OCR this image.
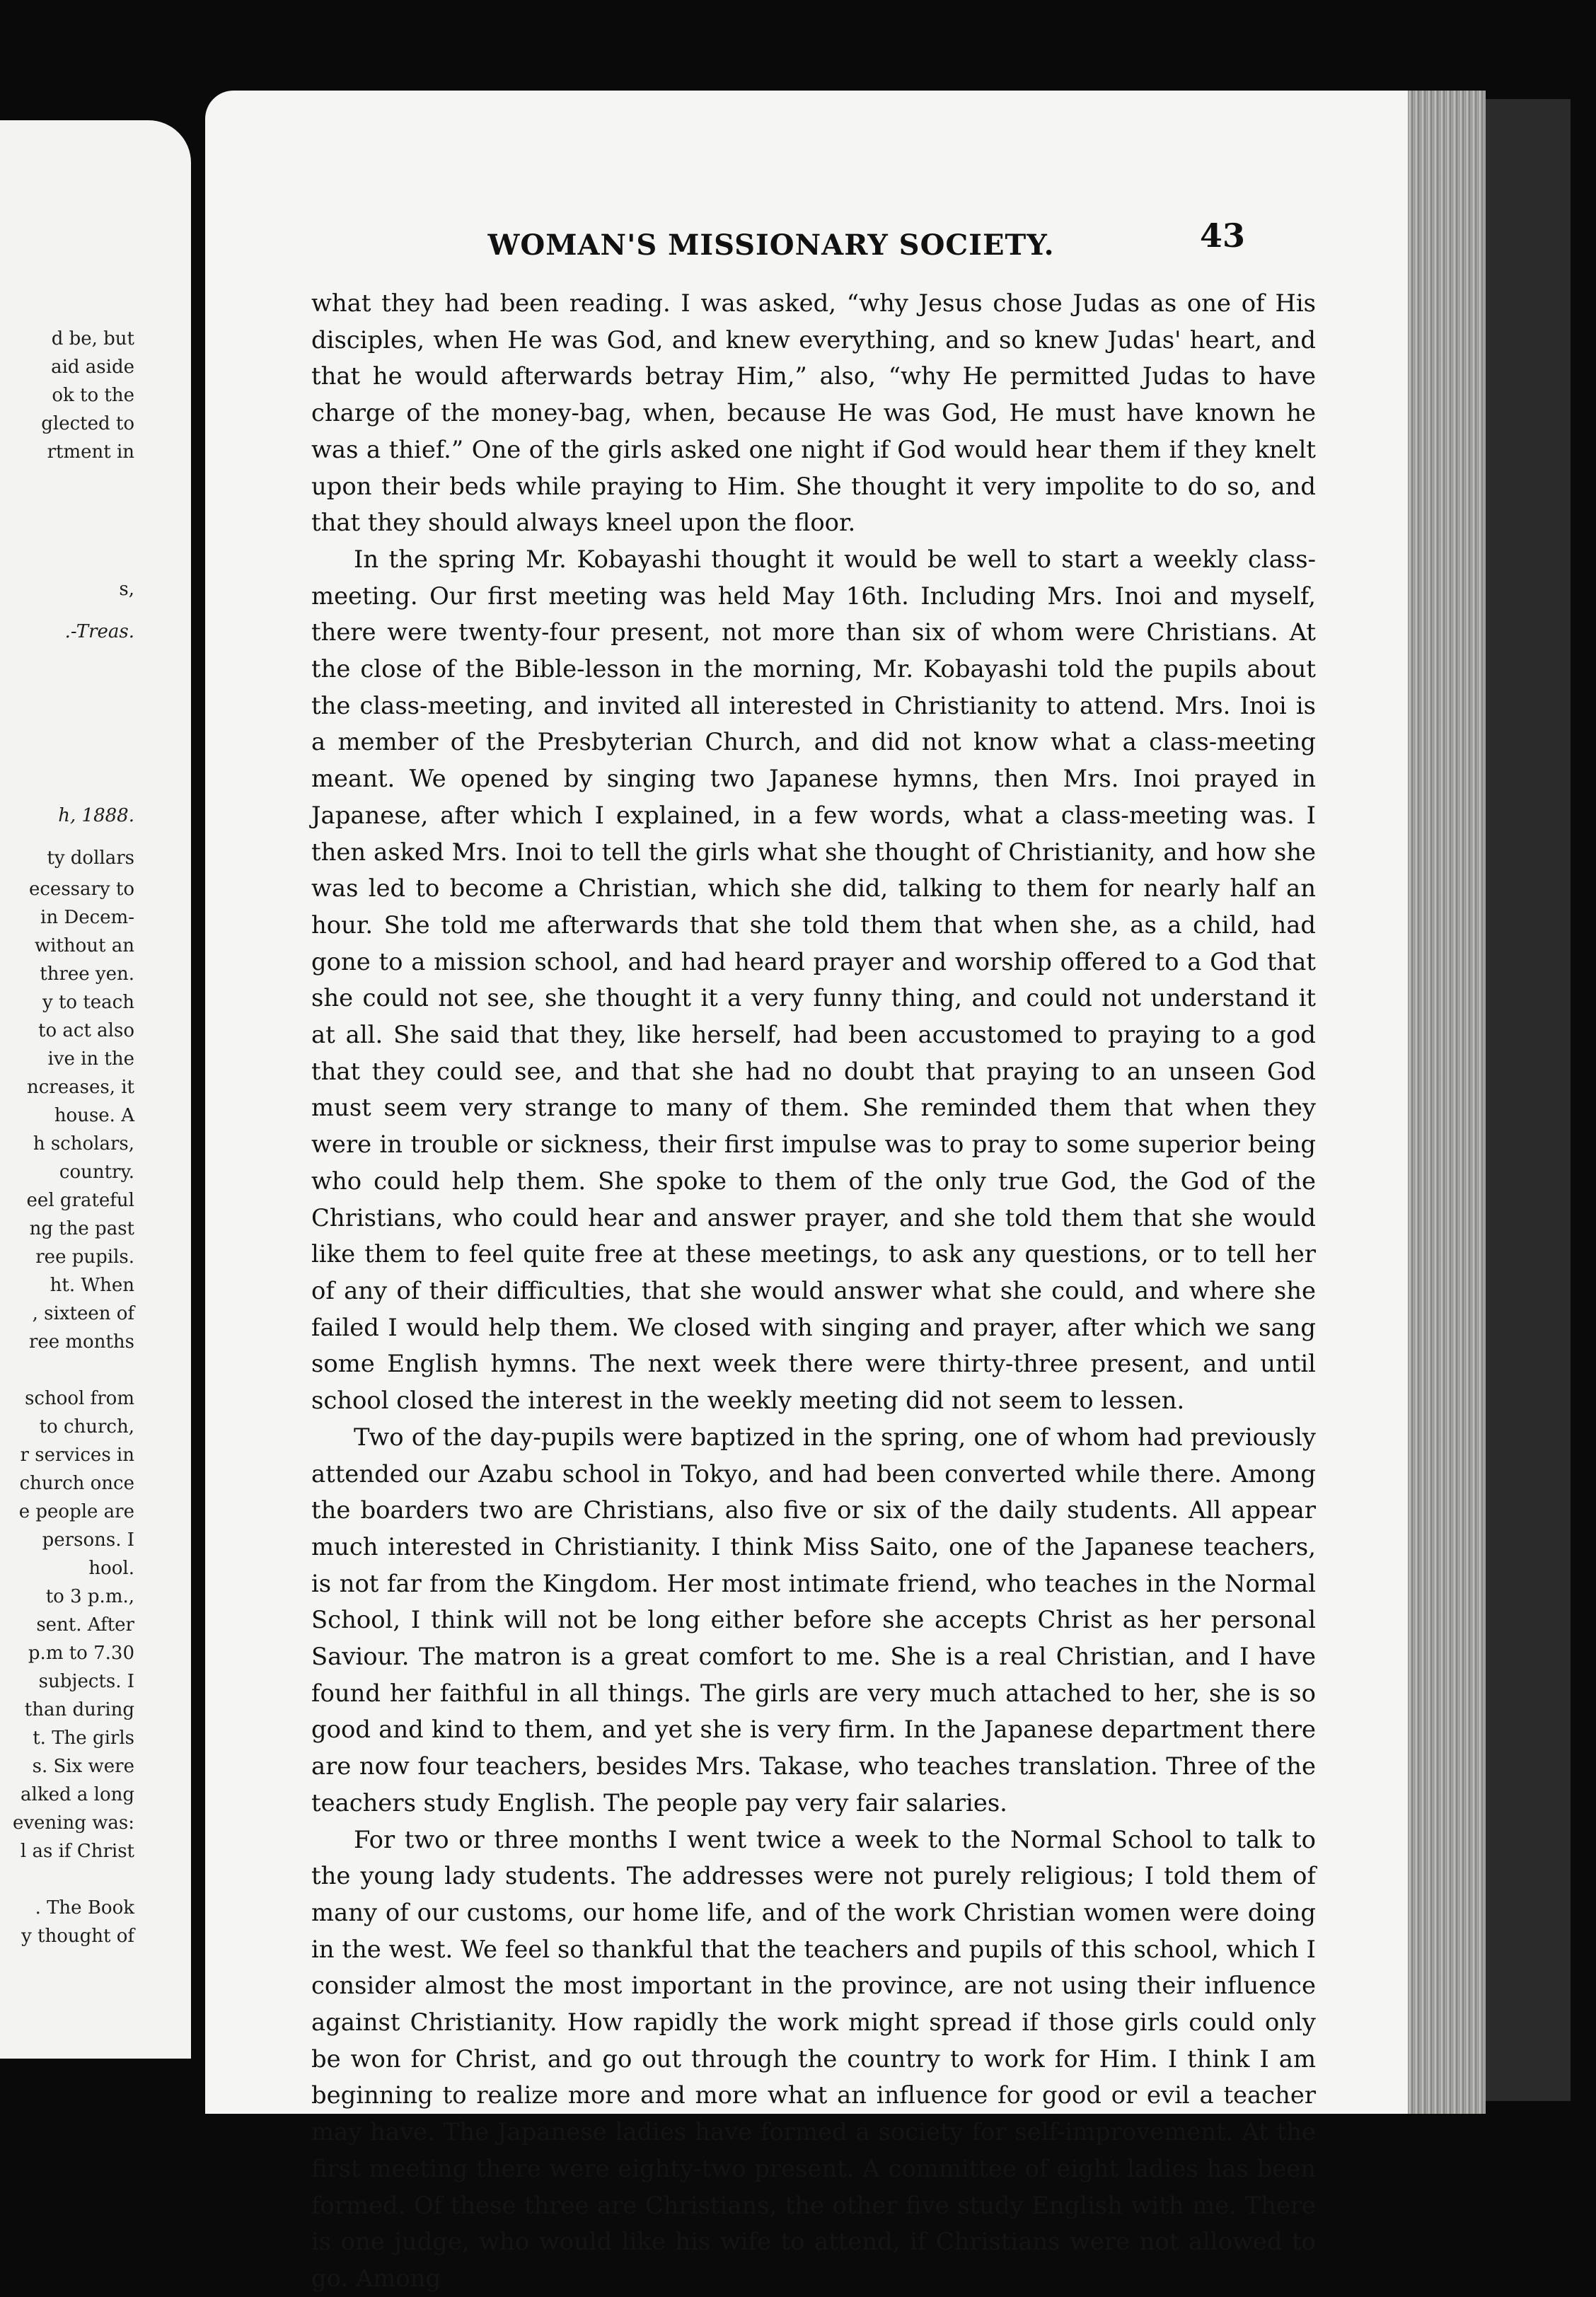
d be, but
aid aside
ok to the
glected to
rtment in
s,
.-Treas.
h, 1888.
ty dollars
ecessary to
in Decem-
without an
three yen.
y to teach
to act also
ive in the
ncreases, it
house. A
h scholars,
country.
eel grateful
ng the past
ree pupils.
ht. When
, sixteen of
ree months
school from
to church,
r services in
church once
e people are
persons. I
hool.
to 3 p.m.,
sent. After
p.m to 7.30
subjects. I
than during
t. The girls
s. Six were
alked a long
evening was:
l as if Christ
. The Book
y thought of
WOMAN'S MISSIONARY SOCIETY.	43

what they had been reading. I was asked, “why Jesus chose Judas as one of His disciples, when He was God, and knew everything, and so knew Judas' heart, and that he would afterwards betray Him,” also, “why He permitted Judas to have charge of the money-bag, when, because He was God, He must have known he was a thief.” One of the girls asked one night if God would hear them if they knelt upon their beds while praying to Him. She thought it very impolite to do so, and that they should always kneel upon the floor.

In the spring Mr. Kobayashi thought it would be well to start a weekly class-meeting. Our first meeting was held May 16th. Including Mrs. Inoi and myself, there were twenty-four present, not more than six of whom were Christians. At the close of the Bible-lesson in the morning, Mr. Kobayashi told the pupils about the class-meeting, and invited all interested in Christianity to attend. Mrs. Inoi is a member of the Presbyterian Church, and did not know what a class-meeting meant. We opened by singing two Japanese hymns, then Mrs. Inoi prayed in Japanese, after which I explained, in a few words, what a class-meeting was. I then asked Mrs. Inoi to tell the girls what she thought of Christianity, and how she was led to become a Christian, which she did, talking to them for nearly half an hour. She told me afterwards that she told them that when she, as a child, had gone to a mission school, and had heard prayer and worship offered to a God that she could not see, she thought it a very funny thing, and could not understand it at all. She said that they, like herself, had been accustomed to praying to a god that they could see, and that she had no doubt that praying to an unseen God must seem very strange to many of them. She reminded them that when they were in trouble or sickness, their first impulse was to pray to some superior being who could help them. She spoke to them of the only true God, the God of the Christians, who could hear and answer prayer, and she told them that she would like them to feel quite free at these meetings, to ask any questions, or to tell her of any of their difficulties, that she would answer what she could, and where she failed I would help them. We closed with singing and prayer, after which we sang some English hymns. The next week there were thirty-three present, and until school closed the interest in the weekly meeting did not seem to lessen.

Two of the day-pupils were baptized in the spring, one of whom had previously attended our Azabu school in Tokyo, and had been converted while there. Among the boarders two are Christians, also five or six of the daily students. All appear much interested in Christianity. I think Miss Saito, one of the Japanese teachers, is not far from the Kingdom. Her most intimate friend, who teaches in the Normal School, I think will not be long either before she accepts Christ as her personal Saviour. The matron is a great comfort to me. She is a real Christian, and I have found her faithful in all things. The girls are very much attached to her, she is so good and kind to them, and yet she is very firm. In the Japanese department there are now four teachers, besides Mrs. Takase, who teaches translation. Three of the teachers study English. The people pay very fair salaries.

For two or three months I went twice a week to the Normal School to talk to the young lady students. The addresses were not purely religious; I told them of many of our customs, our home life, and of the work Christian women were doing in the west. We feel so thankful that the teachers and pupils of this school, which I consider almost the most important in the province, are not using their influence against Christianity. How rapidly the work might spread if those girls could only be won for Christ, and go out through the country to work for Him. I think I am beginning to realize more and more what an influence for good or evil a teacher may have. The Japanese ladies have formed a society for self-improvement. At the first meeting there were eighty-two present. A committee of eight ladies has been formed. Of these three are Christians, the other five study English with me. There is one judge, who would like his wife to attend, if Christians were not allowed to go. Among
